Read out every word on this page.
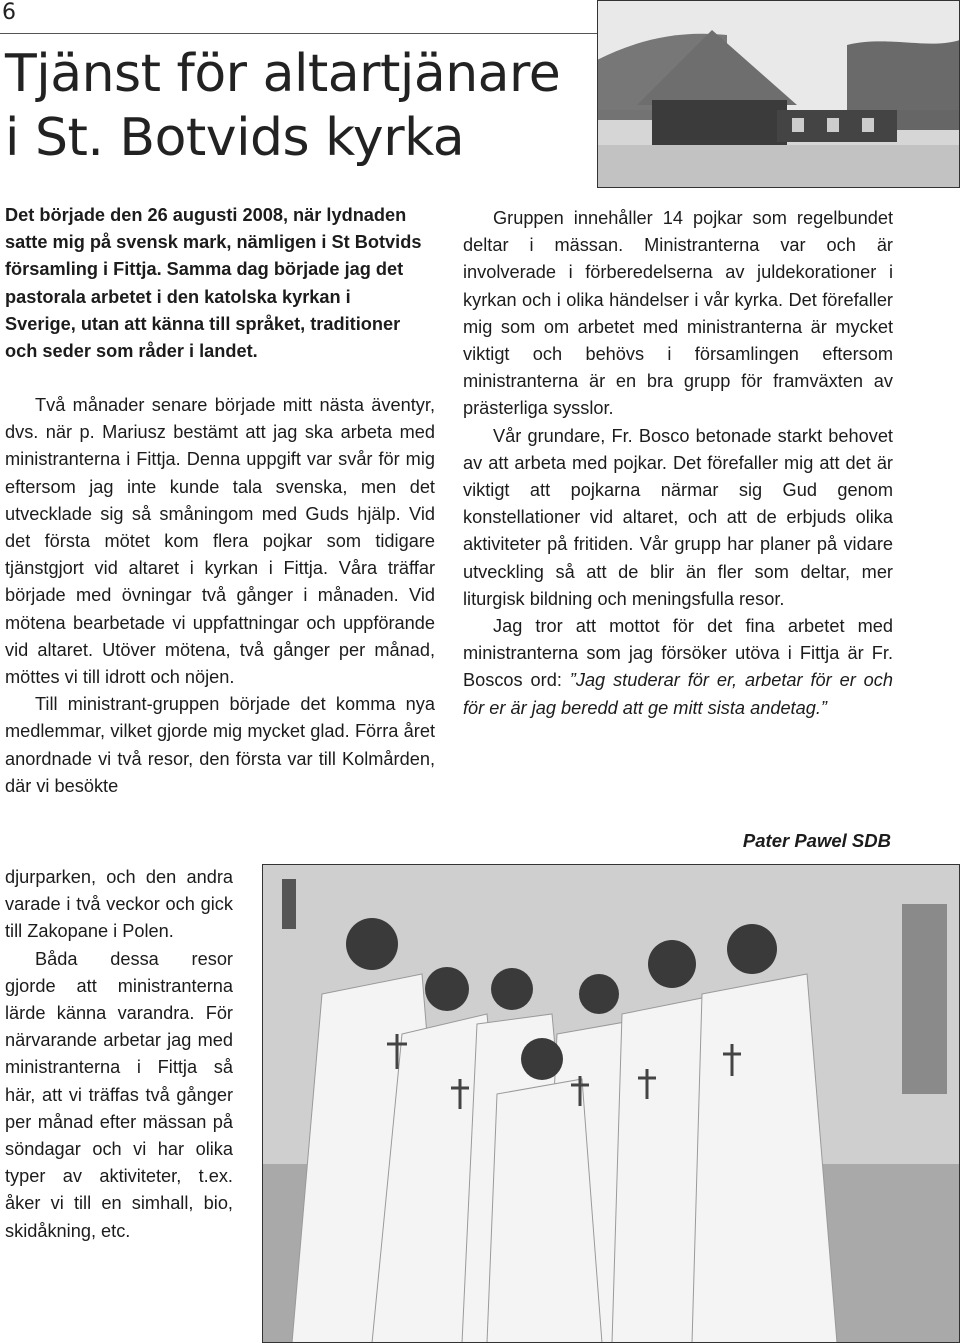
6
Tjänst för altartjänare
i St. Botvids kyrka

Det började den 26 augusti 2008, när lydnaden satte mig på svensk mark, nämligen i St Botvids församling i Fittja. Samma dag började jag det pastorala arbetet i den katolska kyrkan i Sverige, utan att känna till språket, traditioner och seder som råder i landet.

Två månader senare började mitt nästa äventyr, dvs. när p. Mariusz bestämt att jag ska arbeta med ministranterna i Fittja. Denna uppgift var svår för mig eftersom jag inte kunde tala svenska, men det utvecklade sig så småningom med Guds hjälp. Vid det första mötet kom flera pojkar som tidigare tjänstgjort vid altaret i kyrkan i Fittja. Våra träffar började med övningar två gånger i månaden. Vid mötena bearbetade vi uppfattningar och uppförande vid altaret. Utöver mötena, två gånger per månad, möttes vi till idrott och nöjen.

Till ministrant-gruppen började det komma nya medlemmar, vilket gjorde mig mycket glad. Förra året anordnade vi två resor, den första var till Kolmården, där vi besökte

djurparken, och den andra varade i två veckor och gick till Zakopane i Polen.

Båda dessa resor gjorde att ministranterna lärde känna varandra. För närvarande arbetar jag med ministranterna i Fittja så här, att vi träffas två gånger per månad efter mässan på söndagar och vi har olika typer av aktiviteter, t.ex. åker vi till en simhall, bio, skidåkning, etc.

Gruppen innehåller 14 pojkar som regelbundet deltar i mässan. Ministranterna var och är involverade i förberedelserna av juldekorationer i kyrkan och i olika händelser i vår kyrka. Det förefaller mig som om arbetet med ministranterna är mycket viktigt och behövs i församlingen eftersom ministranterna är en bra grupp för framväxten av prästerliga sysslor.

Vår grundare, Fr. Bosco betonade starkt behovet av att arbeta med pojkar. Det förefaller mig att det är viktigt att pojkarna närmar sig Gud genom konstellationer vid altaret, och att de erbjuds olika aktiviteter på fritiden. Vår grupp har planer på vidare utveckling så att de blir än fler som deltar, mer liturgisk bildning och meningsfulla resor.

Jag tror att mottot för det fina arbetet med ministranterna som jag försöker utöva i Fittja är Fr. Boscos ord: ”Jag studerar för er, arbetar för er och för er är jag beredd att ge mitt sista andetag.”

Pater Pawel SDB
